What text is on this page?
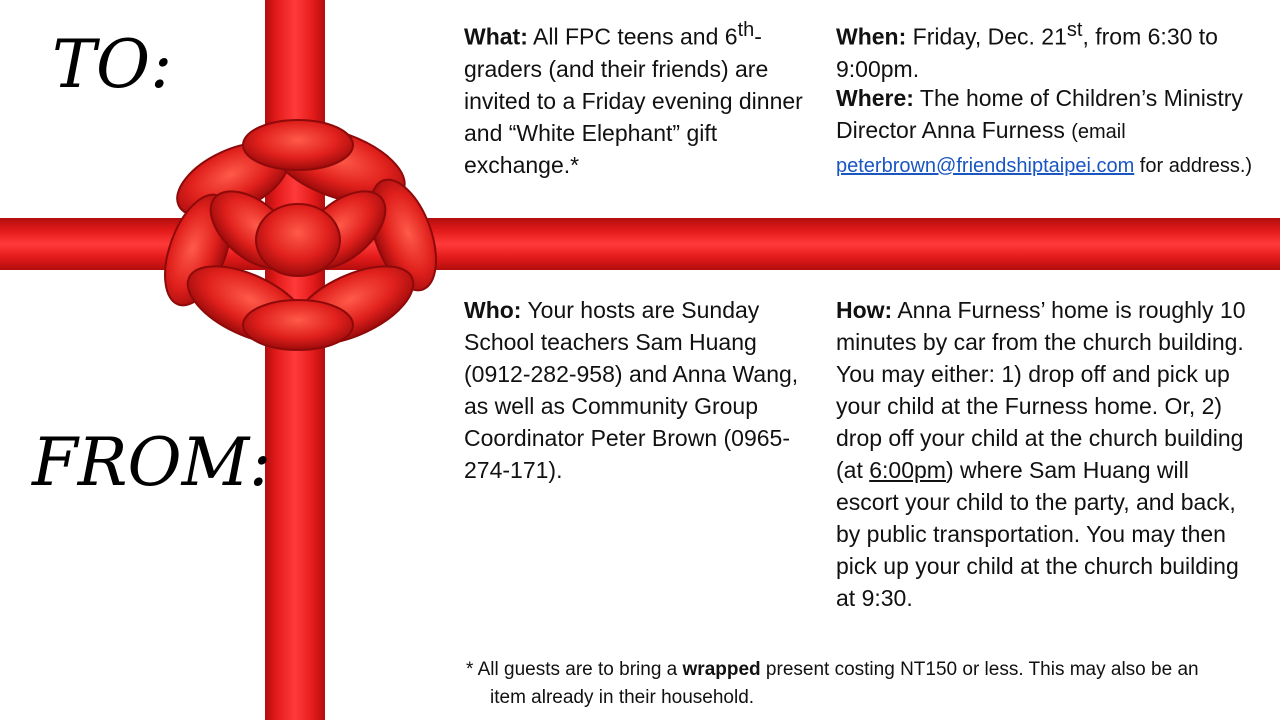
TO:
FROM:
What: All FPC teens and 6th-graders (and their friends) are invited to a Friday evening dinner and “White Elephant” gift exchange.*
When: Friday, Dec. 21st, from 6:30 to 9:00pm.
Where: The home of Children’s Ministry Director Anna Furness (email
peterbrown@friendshiptaipei.com for address.)
Who: Your hosts are Sunday School teachers Sam Huang (0912-282-958) and Anna Wang, as well as Community Group Coordinator Peter Brown (0965-274-171).
How: Anna Furness’ home is roughly 10 minutes by car from the church building. You may either: 1) drop off and pick up your child at the Furness home. Or, 2) drop off your child at the church building (at 6:00pm) where Sam Huang will escort your child to the party, and back, by public transportation. You may then pick up your child at the church building at 9:30.
* All guests are to bring a wrapped present costing NT150 or less. This may also be an
item already in their household.
